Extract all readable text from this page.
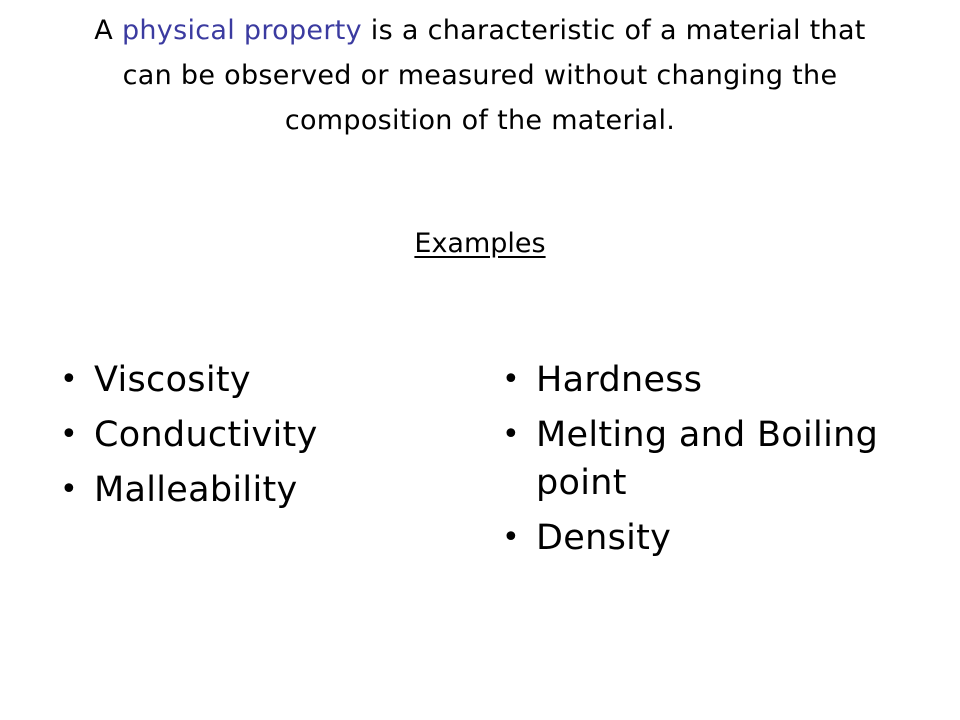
A physical property is a characteristic of a material that can be observed or measured without changing the composition of the material.
Examples
• Viscosity
• Conductivity
• Malleability
• Hardness
• Melting and Boiling point
• Density
